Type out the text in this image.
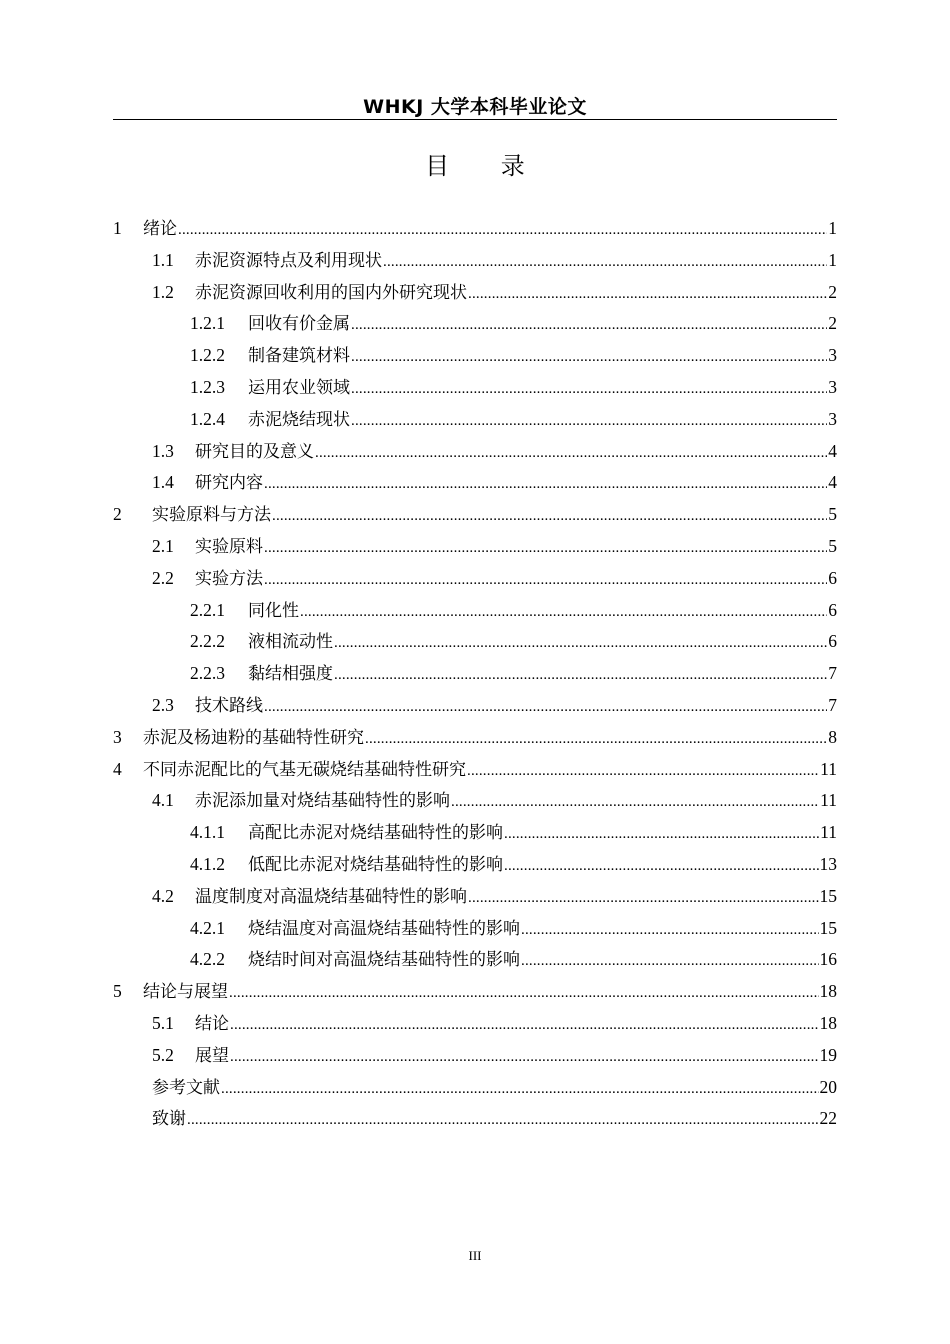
WHKJ 大学本科毕业论文
目 录
1	绪论 .....	1
1.1	赤泥资源特点及利用现状 .....	1
1.2	赤泥资源回收利用的国内外研究现状 .....	2
1.2.1	回收有价金属 .....	2
1.2.2	制备建筑材料 .....	3
1.2.3	运用农业领域 .....	3
1.2.4	赤泥烧结现状 .....	3
1.3	研究目的及意义 .....	4
1.4	研究内容 .....	4
2	实验原料与方法 .....	5
2.1	实验原料 .....	5
2.2	实验方法 .....	6
2.2.1	同化性 .....	6
2.2.2	液相流动性 .....	6
2.2.3	黏结相强度 .....	7
2.3	技术路线 .....	7
3	赤泥及杨迪粉的基础特性研究 .....	8
4	不同赤泥配比的气基无碳烧结基础特性研究 .....	11
4.1	赤泥添加量对烧结基础特性的影响 .....	11
4.1.1	高配比赤泥对烧结基础特性的影响 .....	11
4.1.2	低配比赤泥对烧结基础特性的影响 .....	13
4.2	温度制度对高温烧结基础特性的影响 .....	15
4.2.1	烧结温度对高温烧结基础特性的影响 .....	15
4.2.2	烧结时间对高温烧结基础特性的影响 .....	16
5	结论与展望 .....	18
5.1	结论 .....	18
5.2	展望 .....	19
参考文献 .....	20
致谢 .....	22
III
